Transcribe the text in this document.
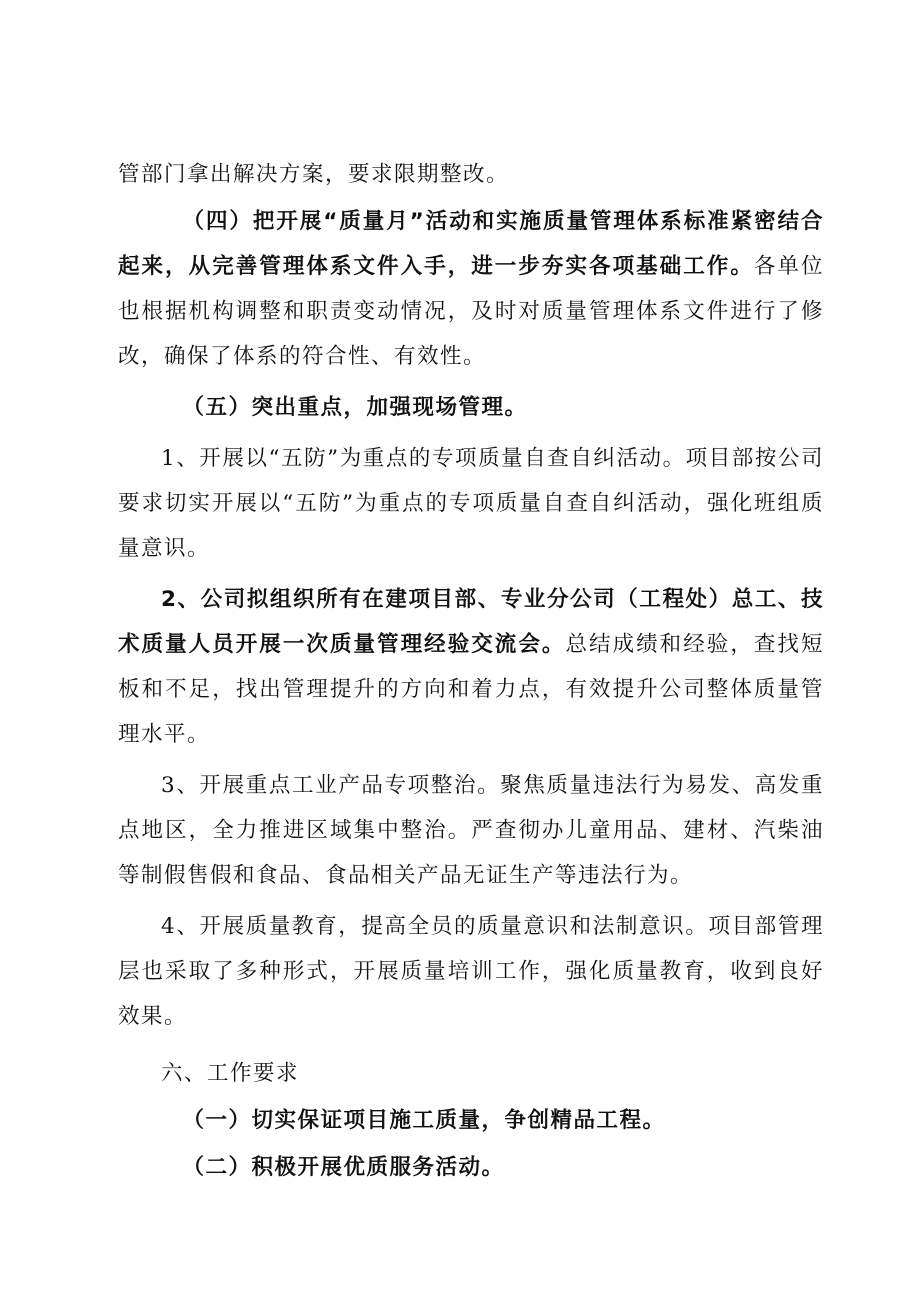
管部门拿出解决方案，要求限期整改。

（四）把开展“质量月”活动和实施质量管理体系标准紧密结合起来，从完善管理体系文件入手，进一步夯实各项基础工作。各单位也根据机构调整和职责变动情况，及时对质量管理体系文件进行了修改，确保了体系的符合性、有效性。

（五）突出重点，加强现场管理。

1、开展以“五防”为重点的专项质量自查自纠活动。项目部按公司要求切实开展以“五防”为重点的专项质量自查自纠活动，强化班组质量意识。

2、公司拟组织所有在建项目部、专业分公司（工程处）总工、技术质量人员开展一次质量管理经验交流会。总结成绩和经验，查找短板和不足，找出管理提升的方向和着力点，有效提升公司整体质量管理水平。

3、开展重点工业产品专项整治。聚焦质量违法行为易发、高发重点地区，全力推进区域集中整治。严查彻办儿童用品、建材、汽柴油等制假售假和食品、食品相关产品无证生产等违法行为。

4、开展质量教育，提高全员的质量意识和法制意识。项目部管理层也采取了多种形式，开展质量培训工作，强化质量教育，收到良好效果。

六、工作要求

（一）切实保证项目施工质量，争创精品工程。

（二）积极开展优质服务活动。
